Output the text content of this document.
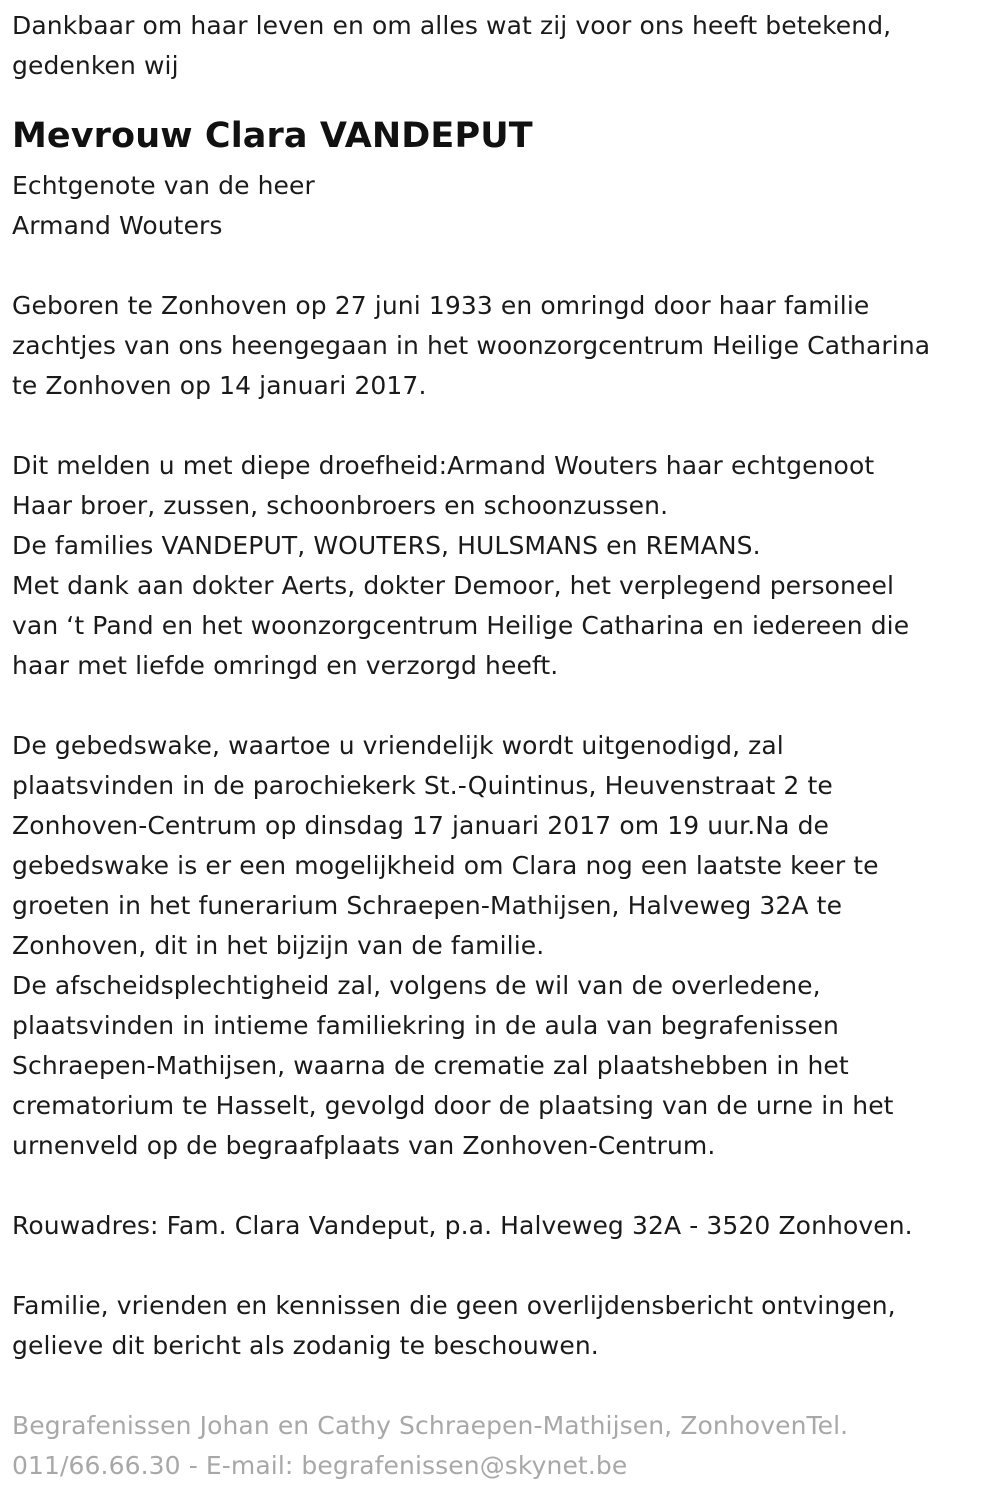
Dankbaar om haar leven en om alles wat zij voor ons heeft betekend,
gedenken wij
Mevrouw Clara VANDEPUT
Echtgenote van de heer
Armand Wouters
Geboren te Zonhoven op 27 juni 1933 en omringd door haar familie
zachtjes van ons heengegaan in het woonzorgcentrum Heilige Catharina
te Zonhoven op 14 januari 2017.
Dit melden u met diepe droefheid:Armand Wouters haar echtgenoot
Haar broer, zussen, schoonbroers en schoonzussen.
De families VANDEPUT, WOUTERS, HULSMANS en REMANS.
Met dank aan dokter Aerts, dokter Demoor, het verplegend personeel
van ‘t Pand en het woonzorgcentrum Heilige Catharina en iedereen die
haar met liefde omringd en verzorgd heeft.
De gebedswake, waartoe u vriendelijk wordt uitgenodigd, zal
plaatsvinden in de parochiekerk St.-Quintinus, Heuvenstraat 2 te
Zonhoven-Centrum op dinsdag 17 januari 2017 om 19 uur.Na de
gebedswake is er een mogelijkheid om Clara nog een laatste keer te
groeten in het funerarium Schraepen-Mathijsen, Halveweg 32A te
Zonhoven, dit in het bijzijn van de familie.
De afscheidsplechtigheid zal, volgens de wil van de overledene,
plaatsvinden in intieme familiekring in de aula van begrafenissen
Schraepen-Mathijsen, waarna de crematie zal plaatshebben in het
crematorium te Hasselt, gevolgd door de plaatsing van de urne in het
urnenveld op de begraafplaats van Zonhoven-Centrum.
Rouwadres: Fam. Clara Vandeput, p.a. Halveweg 32A - 3520 Zonhoven.
Familie, vrienden en kennissen die geen overlijdensbericht ontvingen,
gelieve dit bericht als zodanig te beschouwen.
Begrafenissen Johan en Cathy Schraepen-Mathijsen, ZonhovenTel.
011/66.66.30 - E-mail: begrafenissen@skynet.be
